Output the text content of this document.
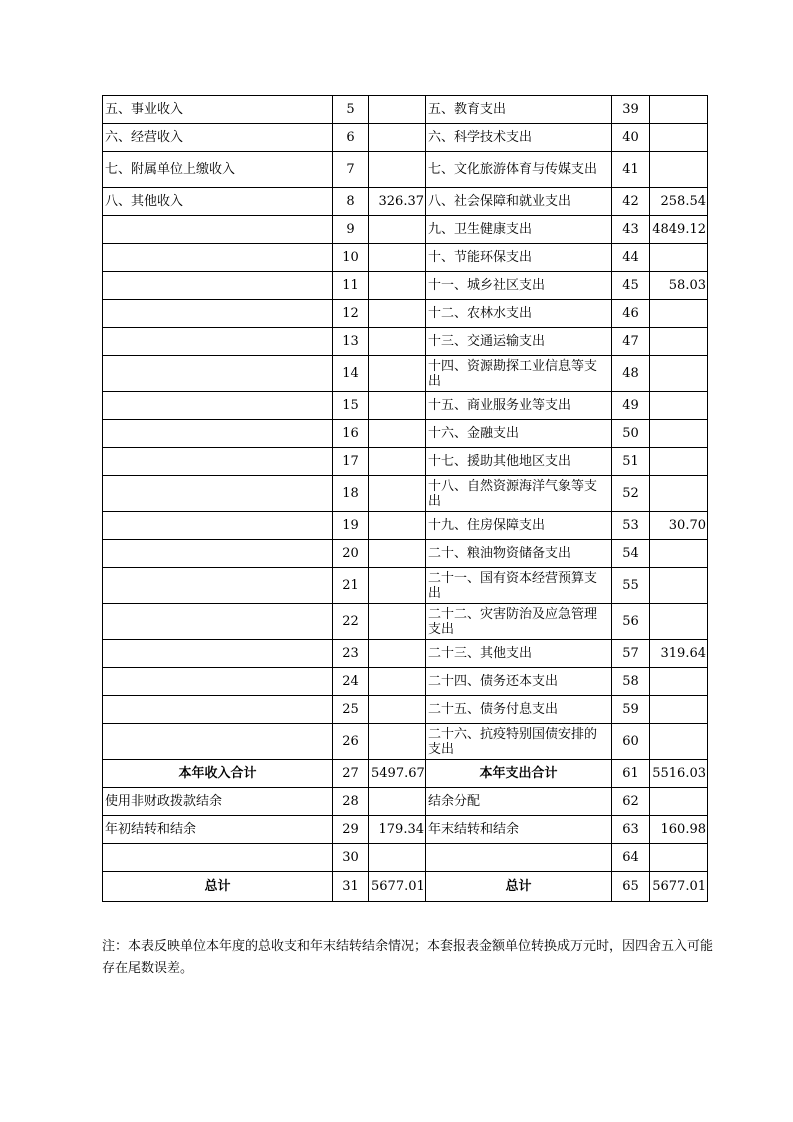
五、事业收入	5		五、教育支出	39	
六、经营收入	6		六、科学技术支出	40	
七、附属单位上缴收入	7		七、文化旅游体育与传媒支出	41	
八、其他收入	8	326.37	八、社会保障和就业支出	42	258.54
	9		九、卫生健康支出	43	4849.12
	10		十、节能环保支出	44	
	11		十一、城乡社区支出	45	58.03
	12		十二、农林水支出	46	
	13		十三、交通运输支出	47	
	14		十四、资源勘探工业信息等支出	48	
	15		十五、商业服务业等支出	49	
	16		十六、金融支出	50	
	17		十七、援助其他地区支出	51	
	18		十八、自然资源海洋气象等支出	52	
	19		十九、住房保障支出	53	30.70
	20		二十、粮油物资储备支出	54	
	21		二十一、国有资本经营预算支出	55	
	22		二十二、灾害防治及应急管理支出	56	
	23		二十三、其他支出	57	319.64
	24		二十四、债务还本支出	58	
	25		二十五、债务付息支出	59	
	26		二十六、抗疫特别国债安排的支出	60	
本年收入合计	27	5497.67	本年支出合计	61	5516.03
使用非财政拨款结余	28		结余分配	62	
年初结转和结余	29	179.34	年末结转和结余	63	160.98
	30			64	
总计	31	5677.01	总计	65	5677.01
注：本表反映单位本年度的总收支和年末结转结余情况；本套报表金额单位转换成万元时，因四舍五入可能存在尾数误差。
